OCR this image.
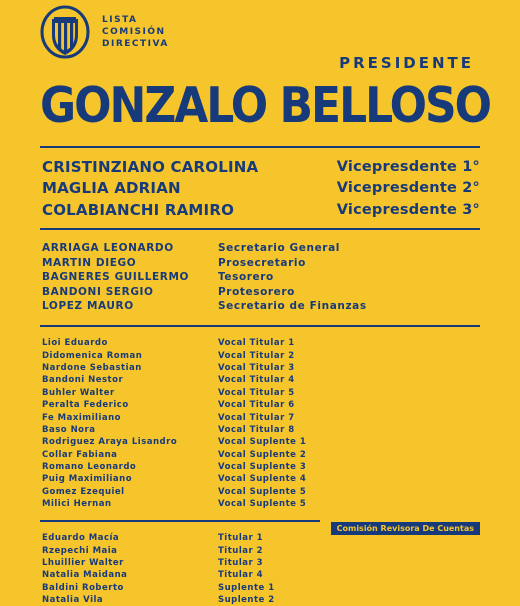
LISTA
COMISIÓN
DIRECTIVA
PRESIDENTE
GONZALO BELLOSO
CRISTINZIANO CAROLINA	Vicepresdente 1°
MAGLIA ADRIAN	Vicepresdente 2°
COLABIANCHI RAMIRO	Vicepresdente 3°
ARRIAGA LEONARDO	Secretario General
MARTIN DIEGO	Prosecretario
BAGNERES GUILLERMO	Tesorero
BANDONI SERGIO	Protesorero
LOPEZ MAURO	Secretario de Finanzas
Lioi Eduardo	Vocal Titular 1
Didomenica Roman	Vocal Titular 2
Nardone Sebastian	Vocal Titular 3
Bandoni Nestor	Vocal Titular 4
Buhler Walter	Vocal Titular 5
Peralta Federico	Vocal Titular 6
Fe Maximiliano	Vocal Titular 7
Baso Nora	Vocal Titular 8
Rodriguez Araya Lisandro	Vocal Suplente 1
Collar Fabiana	Vocal Suplente 2
Romano Leonardo	Vocal Suplente 3
Puig Maximiliano	Vocal Suplente 4
Gomez Ezequiel	Vocal Suplente 5
Milici Hernan	Vocal Suplente 5
Comisión Revisora De Cuentas
Eduardo Macía	Titular 1
Rzepechi Maia	Titular 2
Lhuillier Walter	Titular 3
Natalia Maidana	Titular 4
Baldini Roberto	Suplente 1
Natalia Vila	Suplente 2
